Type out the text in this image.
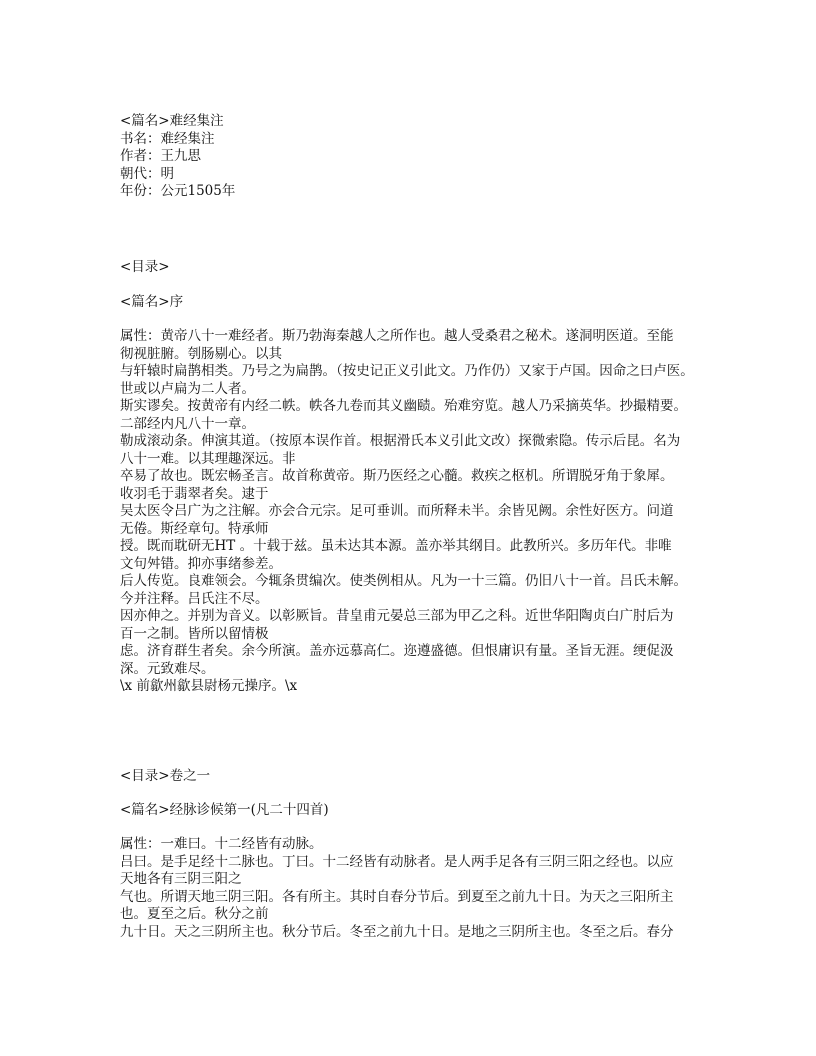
<篇名>难经集注
书名：难经集注
作者：王九思
朝代：明
年份：公元1505年
<目录>
<篇名>序
属性：黄帝八十一难经者。斯乃勃海秦越人之所作也。越人受桑君之秘术。遂洞明医道。至能
彻视脏腑。刳肠剔心。以其
与轩辕时扁鹊相类。乃号之为扁鹊。（按史记正义引此文。乃作仍）又家于卢国。因命之曰卢医。
世或以卢扁为二人者。
斯实谬矣。按黄帝有内经二帙。帙各九卷而其义幽赜。殆难穷览。越人乃采摘英华。抄撮精要。
二部经内凡八十一章。
勒成滚动条。伸演其道。（按原本误作首。根据滑氏本义引此文改）探微索隐。传示后昆。名为
八十一难。以其理趣深远。非
卒易了故也。既宏畅圣言。故首称黄帝。斯乃医经之心髓。救疾之枢机。所谓脱牙角于象犀。
收羽毛于翡翠者矣。逮于
吴太医令吕广为之注解。亦会合元宗。足可垂训。而所释未半。余皆见阙。余性好医方。问道
无倦。斯经章句。特承师
授。既而耽研无HT 。十载于兹。虽未达其本源。盖亦举其纲目。此教所兴。多历年代。非唯
文句舛错。抑亦事绪参差。
后人传览。良难领会。今辄条贯编次。使类例相从。凡为一十三篇。仍旧八十一首。吕氏未解。
今并注释。吕氏注不尽。
因亦伸之。并别为音义。以彰厥旨。昔皇甫元晏总三部为甲乙之科。近世华阳陶贞白广肘后为
百一之制。皆所以留情极
虑。济育群生者矣。余今所演。盖亦远慕高仁。迩遵盛德。但恨庸识有量。圣旨无涯。绠促汲
深。元致难尽。
\x 前歙州歙县尉杨元操序。\x
<目录>卷之一
<篇名>经脉诊候第一(凡二十四首)
属性：一难曰。十二经皆有动脉。
吕曰。是手足经十二脉也。丁曰。十二经皆有动脉者。是人两手足各有三阴三阳之经也。以应
天地各有三阴三阳之
气也。所谓天地三阴三阳。各有所主。其时自春分节后。到夏至之前九十日。为天之三阳所主
也。夏至之后。秋分之前
九十日。天之三阴所主也。秋分节后。冬至之前九十日。是地之三阴所主也。冬至之后。春分
